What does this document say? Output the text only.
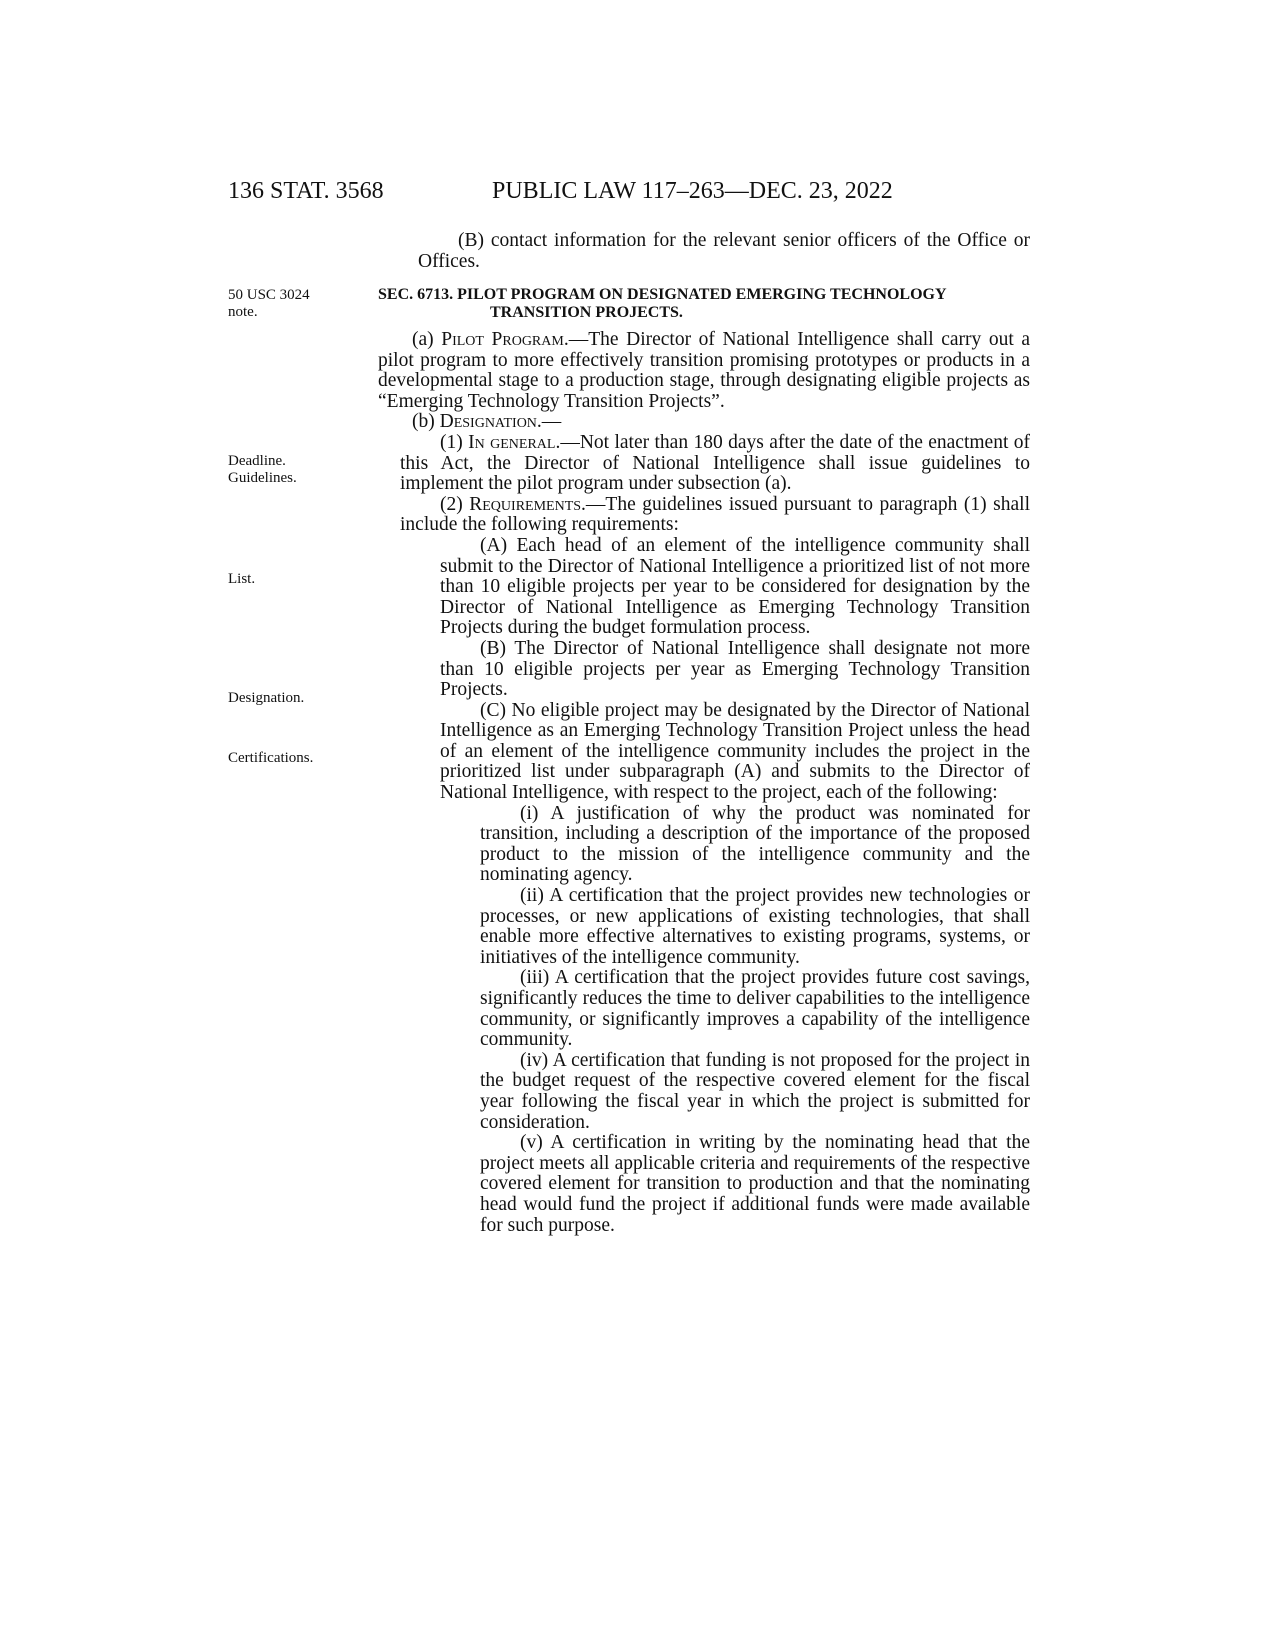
136 STAT. 3568	PUBLIC LAW 117–263—DEC. 23, 2022

(B) contact information for the relevant senior officers of the Office or Offices.

50 USC 3024
note.
Deadline.
Guidelines.
List.
Designation.
Certifications.
SEC. 6713. PILOT PROGRAM ON DESIGNATED EMERGING TECHNOLOGY
TRANSITION PROJECTS.

(a) Pilot Program.—The Director of National Intelligence shall carry out a pilot program to more effectively transition promising prototypes or products in a developmental stage to a production stage, through designating eligible projects as “Emerging Technology Transition Projects”.

(b) Designation.—

(1) In general.—Not later than 180 days after the date of the enactment of this Act, the Director of National Intelligence shall issue guidelines to implement the pilot program under subsection (a).

(2) Requirements.—The guidelines issued pursuant to paragraph (1) shall include the following requirements:

(A) Each head of an element of the intelligence community shall submit to the Director of National Intelligence a prioritized list of not more than 10 eligible projects per year to be considered for designation by the Director of National Intelligence as Emerging Technology Transition Projects during the budget formulation process.

(B) The Director of National Intelligence shall designate not more than 10 eligible projects per year as Emerging Technology Transition Projects.

(C) No eligible project may be designated by the Director of National Intelligence as an Emerging Technology Transition Project unless the head of an element of the intelligence community includes the project in the prioritized list under subparagraph (A) and submits to the Director of National Intelligence, with respect to the project, each of the following:

(i) A justification of why the product was nominated for transition, including a description of the importance of the proposed product to the mission of the intelligence community and the nominating agency.

(ii) A certification that the project provides new technologies or processes, or new applications of existing technologies, that shall enable more effective alternatives to existing programs, systems, or initiatives of the intelligence community.

(iii) A certification that the project provides future cost savings, significantly reduces the time to deliver capabilities to the intelligence community, or significantly improves a capability of the intelligence community.

(iv) A certification that funding is not proposed for the project in the budget request of the respective covered element for the fiscal year following the fiscal year in which the project is submitted for consideration.

(v) A certification in writing by the nominating head that the project meets all applicable criteria and requirements of the respective covered element for transition to production and that the nominating head would fund the project if additional funds were made available for such purpose.
